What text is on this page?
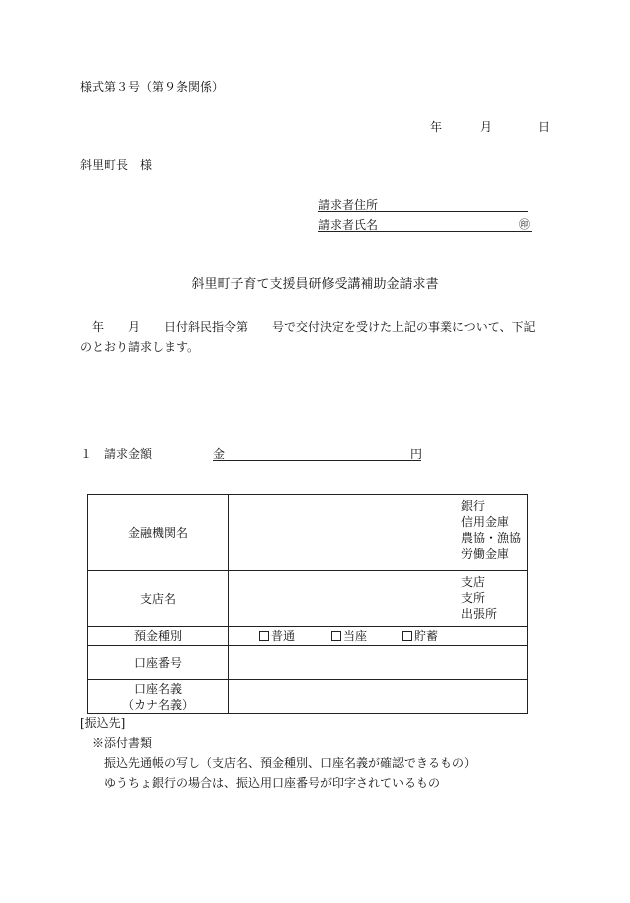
様式第３号（第９条関係）
年	月	日
斜里町長　様
請求者住所
請求者氏名	㊞
斜里町子育て支援員研修受講補助金請求書
　年　　月　　日付斜民指令第　　号で交付決定を受けた上記の事業について、下記
のとおり請求します。
１ 請求金額	金	円
金融機関名	銀行
信用金庫
農協・漁協
労働金庫

支店名	支店
支所
出張所

預金種別	普通 当座 貯蓄

口座番号	

口座名義
（カナ名義）	

[振込先]
※添付書類
振込先通帳の写し（支店名、預金種別、口座名義が確認できるもの）
ゆうちょ銀行の場合は、振込用口座番号が印字されているもの
